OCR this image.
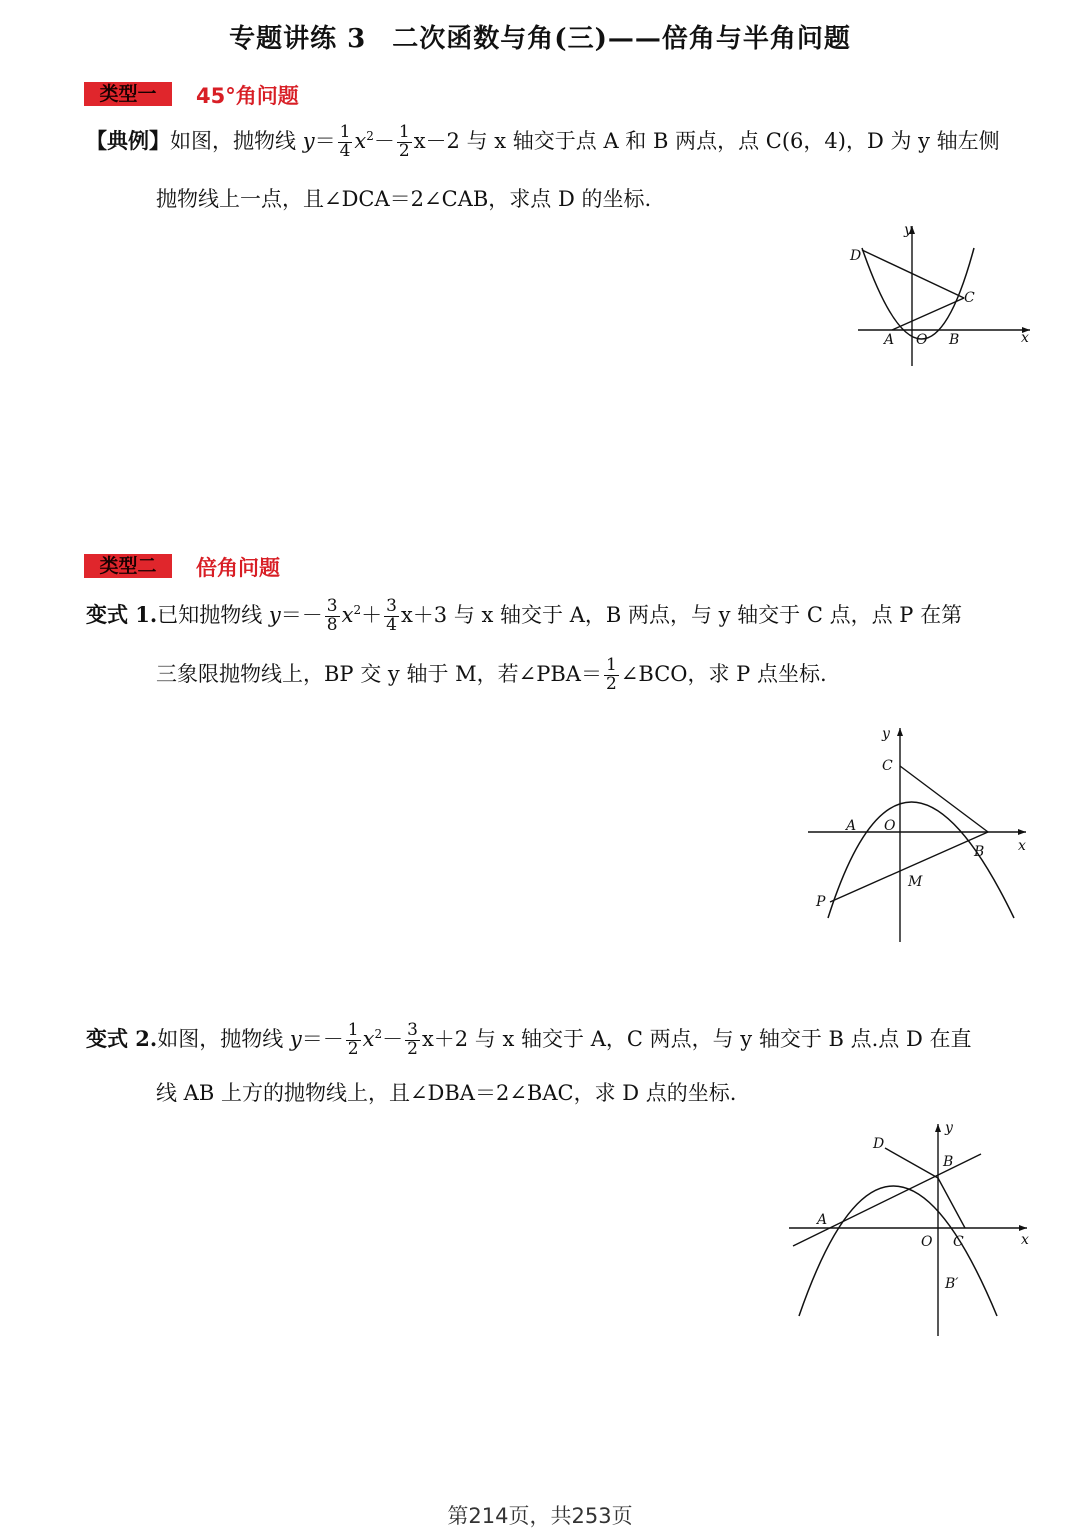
专题讲练 3 二次函数与角(三)——倍角与半角问题
类型一	45°角问题
【典例】如图，抛物线 $y= \frac{1}{4} x^2- \frac{1}{2} x-2$ 与 x 轴交于点 A 和 B 两点，点 C(6，4)，D 为 y 轴左侧
抛物线上一点，且∠DCA＝2∠CAB，求点 D 的坐标.
y
x
D
C
A O B
类型二	倍角问题
变式 1.已知抛物线 $y=- \frac{3}{8} x^2+ \frac{3}{4} x+3$ 与 x 轴交于 A，B 两点，与 y 轴交于 C 点，点 P 在第
三象限抛物线上，BP 交 y 轴于 M，若∠PBA＝ $\frac{1}{2}$ ∠BCO，求 P 点坐标.
y
x
C
A O
B
M
P
变式 2.如图，抛物线 $y=- \frac{1}{2} x^2- \frac{3}{2} x+2$ 与 x 轴交于 A，C 两点，与 y 轴交于 B 点.点 D 在直
线 AB 上方的抛物线上，且∠DBA＝2∠BAC，求 D 点的坐标.
y
x
D
B
A
O C
B′
第214页，共253页
